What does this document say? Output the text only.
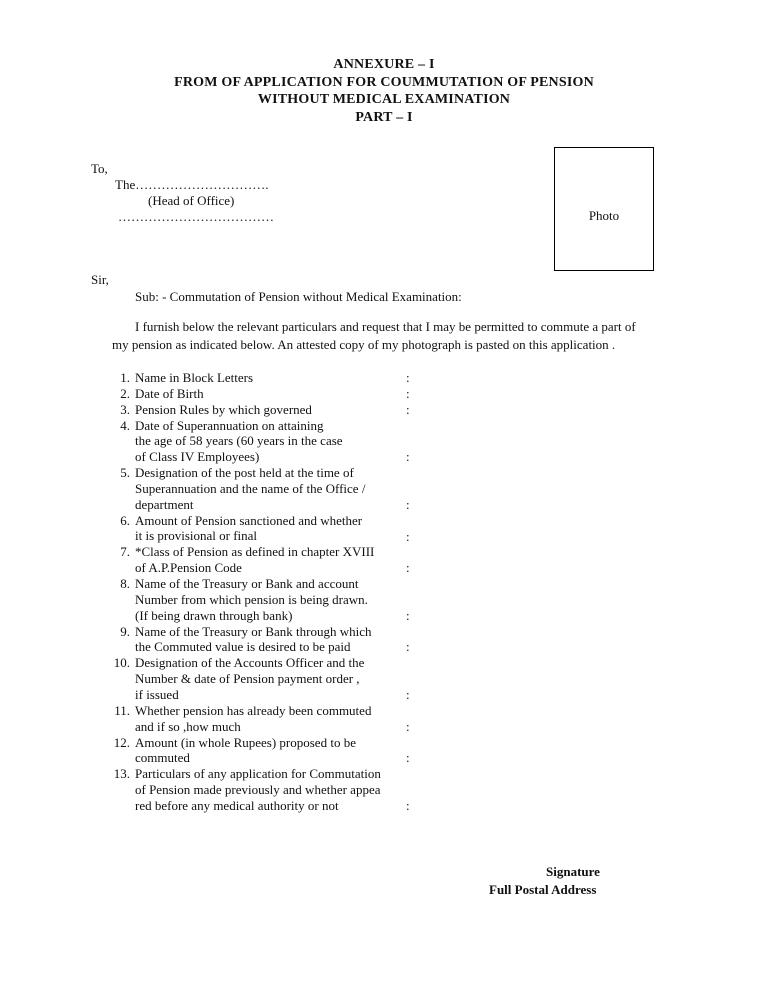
ANNEXURE – I
FROM OF APPLICATION FOR COUMMUTATION OF PENSION
WITHOUT MEDICAL EXAMINATION
PART – I
To,
The………………………….
(Head of Office)
………………………………	Photo
Sir,
Sub: - Commutation of Pension without Medical Examination:
I furnish below the relevant particulars and request that I may be permitted to commute a part of
my pension as indicated below. An attested copy of my photograph is pasted on this application .
1. Name in Block Letters	:
2. Date of Birth	:
3. Pension Rules by which governed	:
4. Date of Superannuation on attaining
the age of 58 years (60 years in the case
of Class IV Employees)	:
5. Designation of the post held at the time of
Superannuation and the name of the Office /
department	:
6. Amount of Pension sanctioned and whether
it is provisional or final	:
7. *Class of Pension as defined in chapter XVIII
of A.P.Pension Code	:
8. Name of the Treasury or Bank and account
Number from which pension is being drawn.
(If being drawn through bank)	:
9. Name of the Treasury or Bank through which
the Commuted value is desired to be paid	:
10. Designation of the Accounts Officer and the
Number & date of Pension payment order ,
if issued	:
11. Whether pension has already been commuted
and if so ,how much	:
12. Amount (in whole Rupees) proposed to be
commuted	:
13. Particulars of any application for Commutation
of Pension made previously and whether appea
red before any medical authority or not	:
Signature
Full Postal Address
